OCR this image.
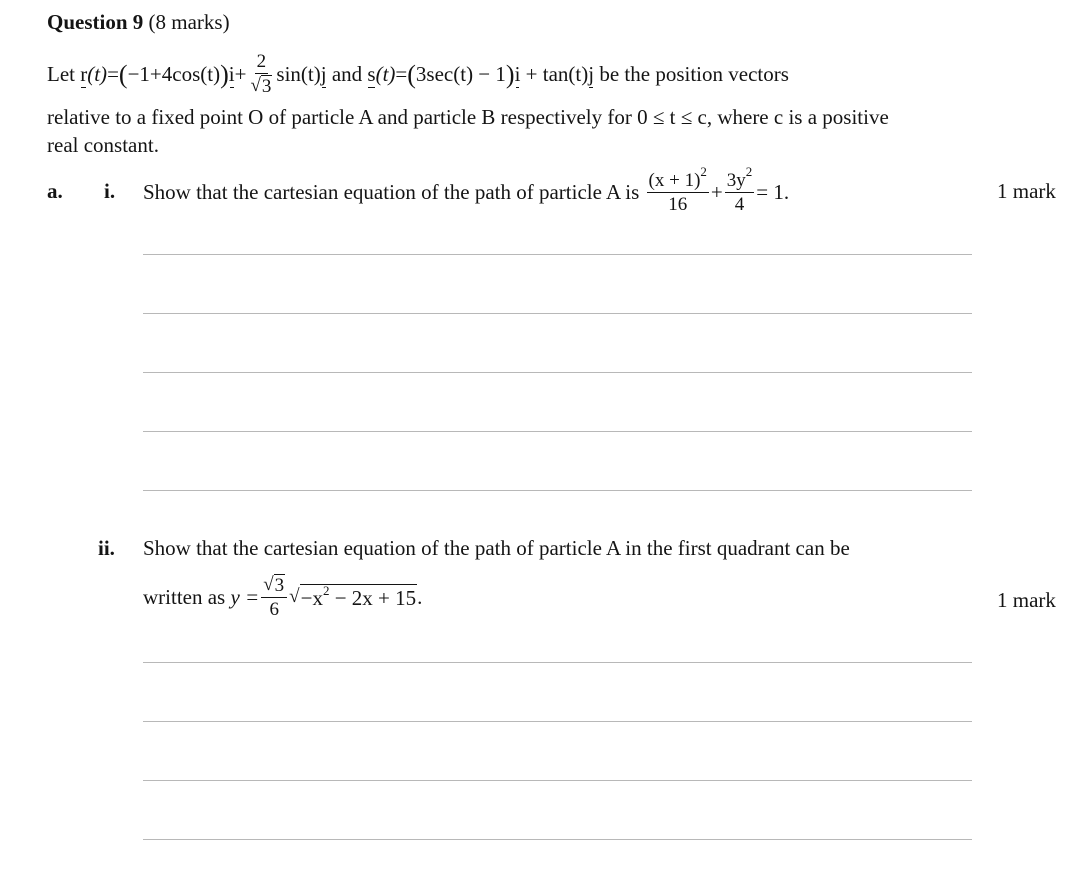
Question 9 (8 marks)
Let
r (t) = ( −1+4cos(t) ) $i + \frac{2}{√ 3} \sin(t)$ j
and
s (t) = ( 3sec(t) − 1 ) i
+
tan(t) j
be the position vectors
relative to a fixed point O of particle A and particle B respectively for 0 ≤ t ≤ c, where c is a positive
real constant.
a. i. Show that the cartesian equation of the path of particle A is
$\frac{(x + 1)^2}{16} + \frac{3y^2}{4} = 1$.	1 mark
ii. Show that the cartesian equation of the path of particle A in the first quadrant can be
written as
$y = \frac{√ 3}{6}$ √ $-x^2 - 2x + 15$ .	1 mark
